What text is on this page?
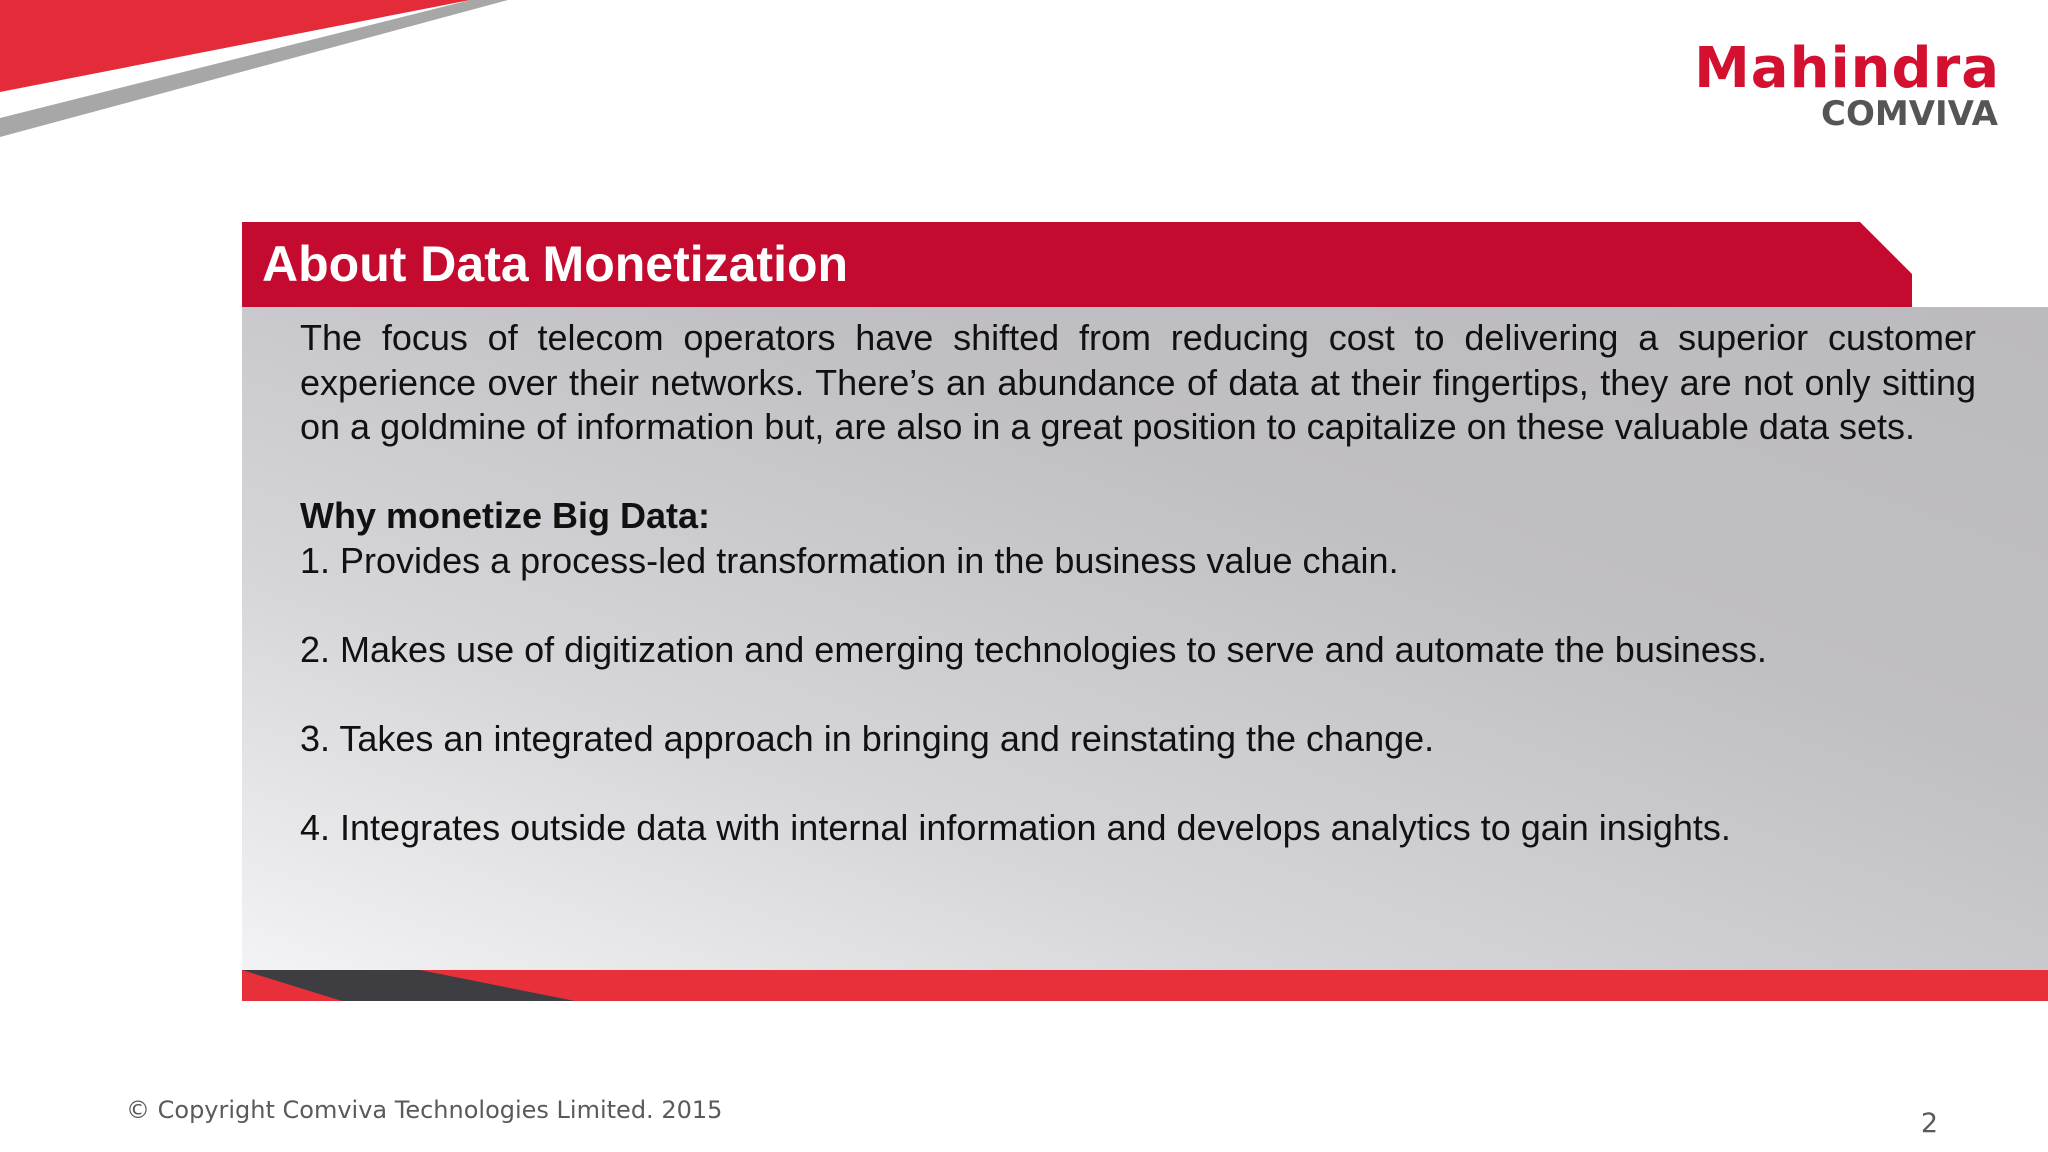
Mahindra
COMVIVA
About Data Monetization

The focus of telecom operators have shifted from reducing cost to delivering a superior customer experience over their networks. There’s an abundance of data at their fingertips, they are not only sitting on a goldmine of information but, are also in a great position to capitalize on these valuable data sets.

Why monetize Big Data:

1. Provides a process-led transformation in the business value chain.

2. Makes use of digitization and emerging technologies to serve and automate the business.

3. Takes an integrated approach in bringing and reinstating the change.

4. Integrates outside data with internal information and develops analytics to gain insights.

© Copyright Comviva Technologies Limited. 2015	2
